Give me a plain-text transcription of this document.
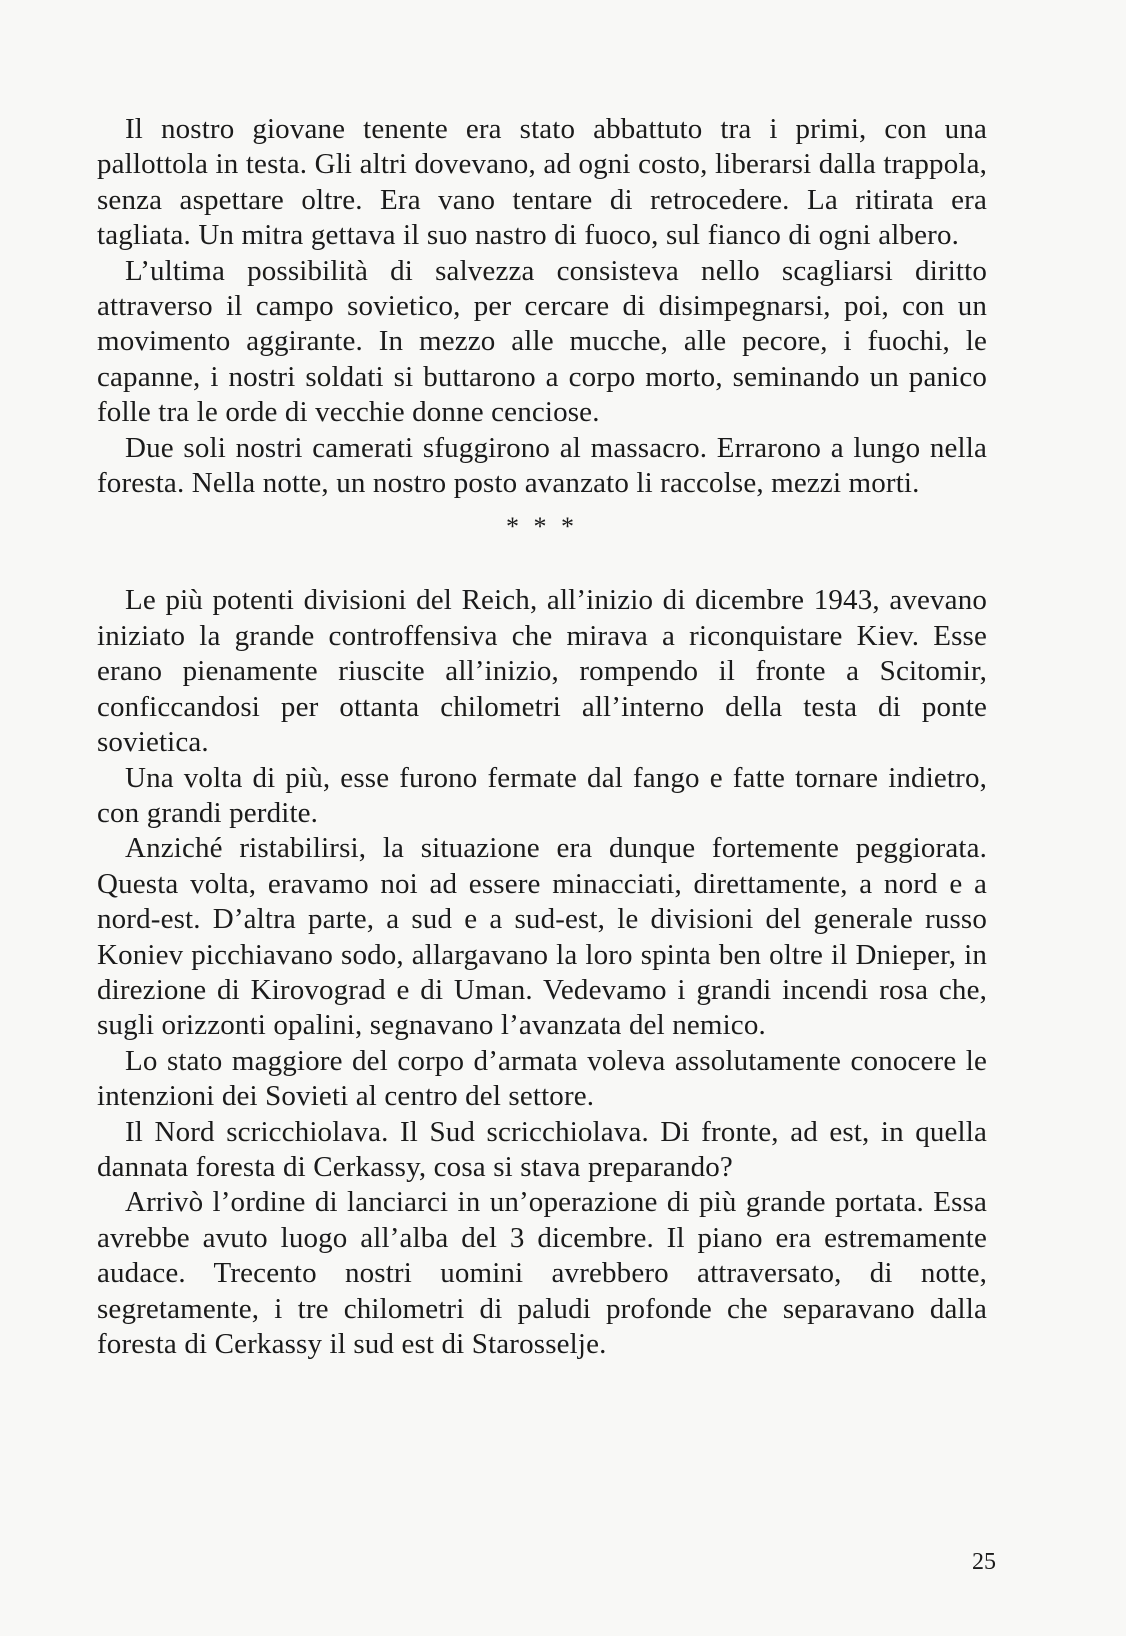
Il nostro giovane tenente era stato abbattuto tra i primi, con una pallottola in testa. Gli altri dovevano, ad ogni costo, liberarsi dalla trappola, senza aspettare oltre. Era vano tentare di retrocedere. La ritirata era tagliata. Un mitra gettava il suo nastro di fuoco, sul fianco di ogni albero.

L’ultima possibilità di salvezza consisteva nello scagliarsi diritto attraverso il campo sovietico, per cercare di disimpegnarsi, poi, con un movimento aggirante. In mezzo alle mucche, alle pecore, i fuochi, le capanne, i nostri soldati si buttarono a corpo morto, seminando un panico folle tra le orde di vecchie donne cenciose.

Due soli nostri camerati sfuggirono al massacro. Errarono a lungo nella foresta. Nella notte, un nostro posto avanzato li raccolse, mezzi morti.

* * *

Le più potenti divisioni del Reich, all’inizio di dicembre 1943, avevano iniziato la grande controffensiva che mirava a riconquistare Kiev. Esse erano pienamente riuscite all’inizio, rompendo il fronte a Scitomir, conficcandosi per ottanta chilometri all’interno della testa di ponte sovietica.

Una volta di più, esse furono fermate dal fango e fatte tornare indietro, con grandi perdite.

Anziché ristabilirsi, la situazione era dunque fortemente peggiorata. Questa volta, eravamo noi ad essere minacciati, direttamente, a nord e a nord-est. D’altra parte, a sud e a sud-est, le divisioni del generale russo Koniev picchiavano sodo, allargavano la loro spinta ben oltre il Dnieper, in direzione di Kirovograd e di Uman. Vedevamo i grandi incendi rosa che, sugli orizzonti opalini, segnavano l’avanzata del nemico.

Lo stato maggiore del corpo d’armata voleva assolutamente conocere le intenzioni dei Sovieti al centro del settore.

Il Nord scricchiolava. Il Sud scricchiolava. Di fronte, ad est, in quella dannata foresta di Cerkassy, cosa si stava preparando?

Arrivò l’ordine di lanciarci in un’operazione di più grande portata. Essa avrebbe avuto luogo all’alba del 3 dicembre. Il piano era estremamente audace. Trecento nostri uomini avrebbero attraversato, di notte, segretamente, i tre chilometri di paludi profonde che separavano dalla foresta di Cerkassy il sud est di Starosselje.

25
